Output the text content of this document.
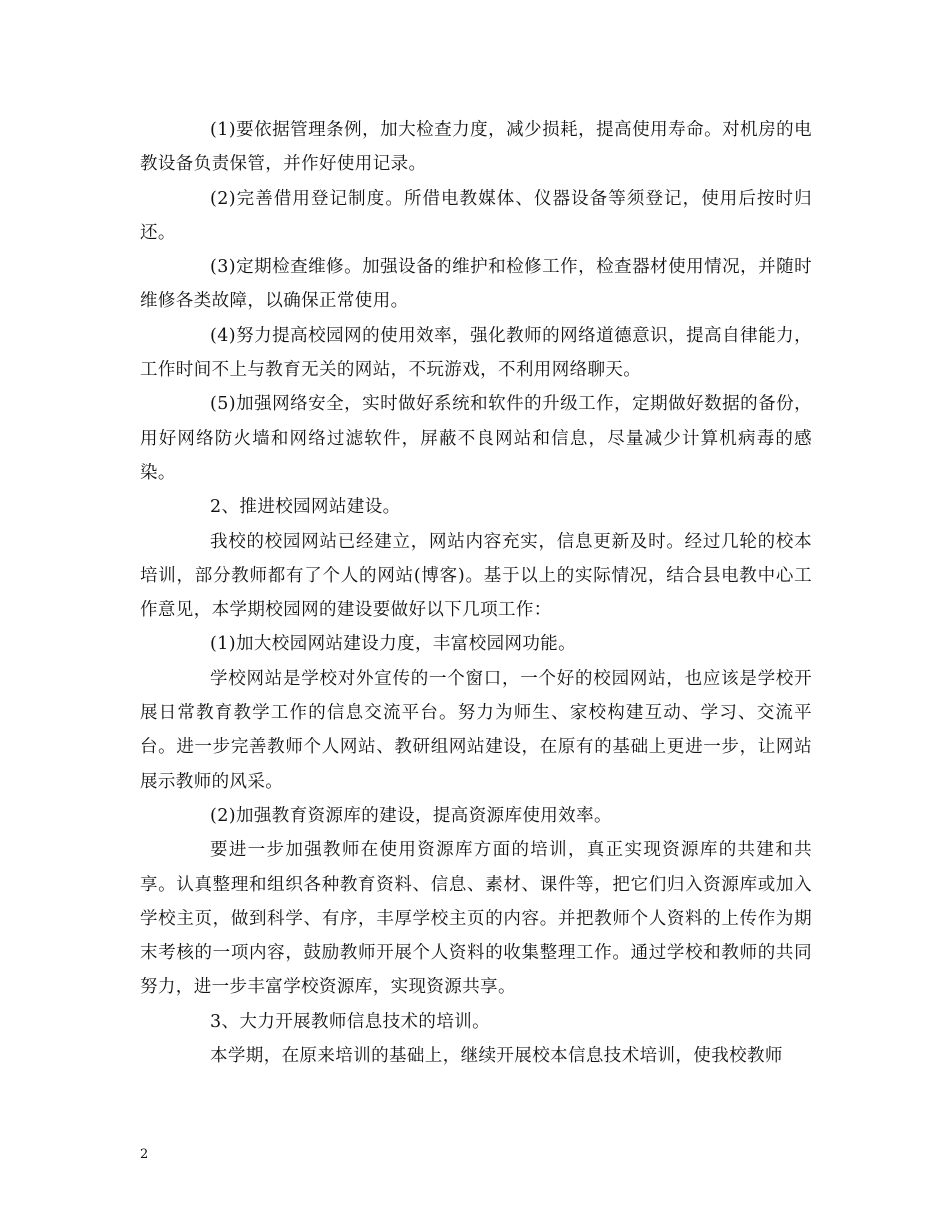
(1)要依据管理条例，加大检查力度，减少损耗，提高使用寿命。对机房的电教设备负责保管，并作好使用记录。

(2)完善借用登记制度。所借电教媒体、仪器设备等须登记，使用后按时归还。

(3)定期检查维修。加强设备的维护和检修工作，检查器材使用情况，并随时维修各类故障，以确保正常使用。

(4)努力提高校园网的使用效率，强化教师的网络道德意识，提高自律能力，工作时间不上与教育无关的网站，不玩游戏，不利用网络聊天。

(5)加强网络安全，实时做好系统和软件的升级工作，定期做好数据的备份，用好网络防火墙和网络过滤软件，屏蔽不良网站和信息，尽量减少计算机病毒的感染。

2、推进校园网站建设。

我校的校园网站已经建立，网站内容充实，信息更新及时。经过几轮的校本培训，部分教师都有了个人的网站(博客)。基于以上的实际情况，结合县电教中心工作意见，本学期校园网的建设要做好以下几项工作：

(1)加大校园网站建设力度，丰富校园网功能。

学校网站是学校对外宣传的一个窗口，一个好的校园网站，也应该是学校开展日常教育教学工作的信息交流平台。努力为师生、家校构建互动、学习、交流平台。进一步完善教师个人网站、教研组网站建设，在原有的基础上更进一步，让网站展示教师的风采。

(2)加强教育资源库的建设，提高资源库使用效率。

要进一步加强教师在使用资源库方面的培训，真正实现资源库的共建和共享。认真整理和组织各种教育资料、信息、素材、课件等，把它们归入资源库或加入学校主页，做到科学、有序，丰厚学校主页的内容。并把教师个人资料的上传作为期末考核的一项内容，鼓励教师开展个人资料的收集整理工作。通过学校和教师的共同努力，进一步丰富学校资源库，实现资源共享。

3、大力开展教师信息技术的培训。

本学期，在原来培训的基础上，继续开展校本信息技术培训，使我校教师

2
